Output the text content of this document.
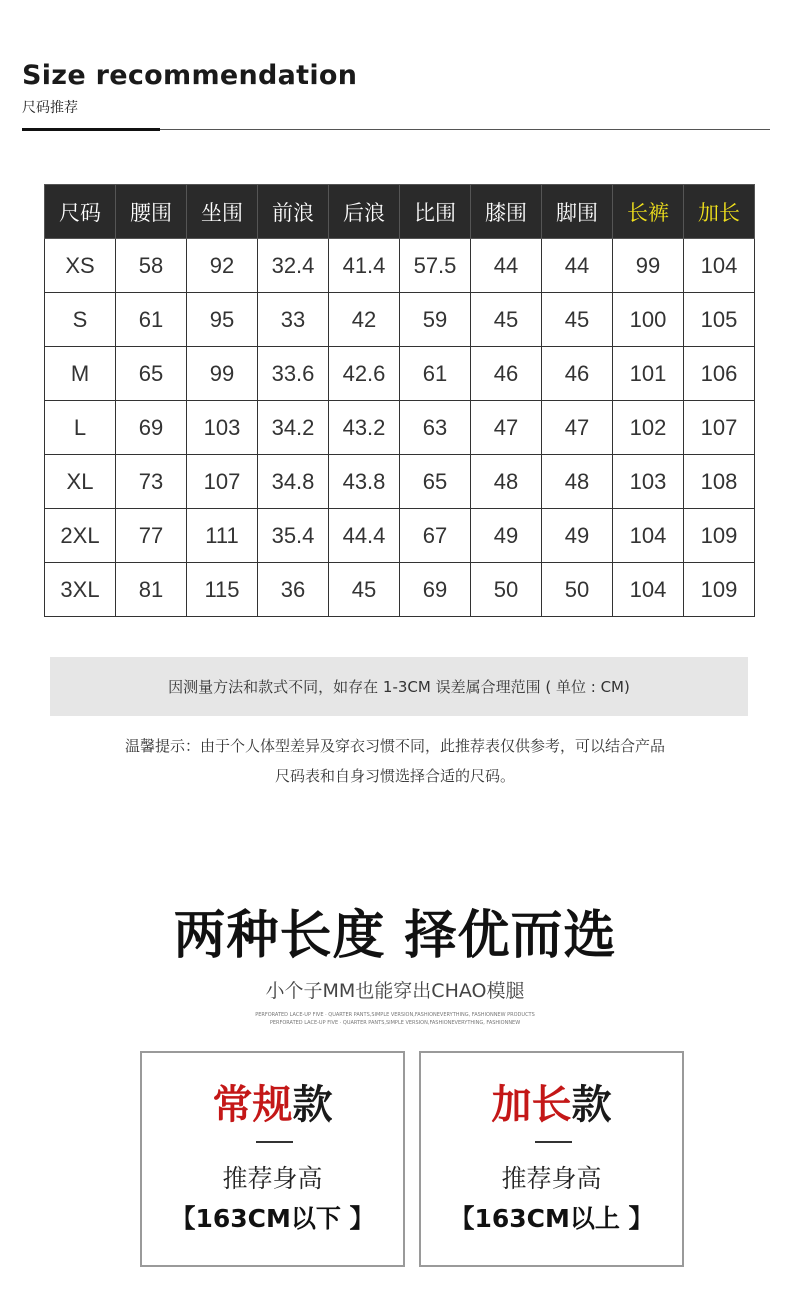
Size recommendation
尺码推荐
尺码	腰围	坐围	前浪	后浪	比围	膝围	脚围	长裤	加长
XS	58	92	32.4	41.4	57.5	44	44	99	104
S	61	95	33	42	59	45	45	100	105
M	65	99	33.6	42.6	61	46	46	101	106
L	69	103	34.2	43.2	63	47	47	102	107
XL	73	107	34.8	43.8	65	48	48	103	108
2XL	77	111	35.4	44.4	67	49	49	104	109
3XL	81	115	36	45	69	50	50	104	109
因测量方法和款式不同，如存在 1-3CM 误差属合理范围 ( 单位 : CM)
温馨提示：由于个人体型差异及穿衣习惯不同，此推荐表仅供参考，可以结合产品
尺码表和自身习惯选择合适的尺码。
两种长度 择优而选
小个子MM也能穿出CHAO模腿
PERFORATED LACE-UP FIVE · QUARTER PANTS,SIMPLE VERSION,FASHIONEVERYTHING, FASHIONNEW PRODUCTS
PERFORATED LACE-UP FIVE · QUARTER PANTS,SIMPLE VERSION,FASHIONEVERYTHING, FASHIONNEW
常规款
推荐身高
【163CM以下 】
加长款
推荐身高
【163CM以上 】
